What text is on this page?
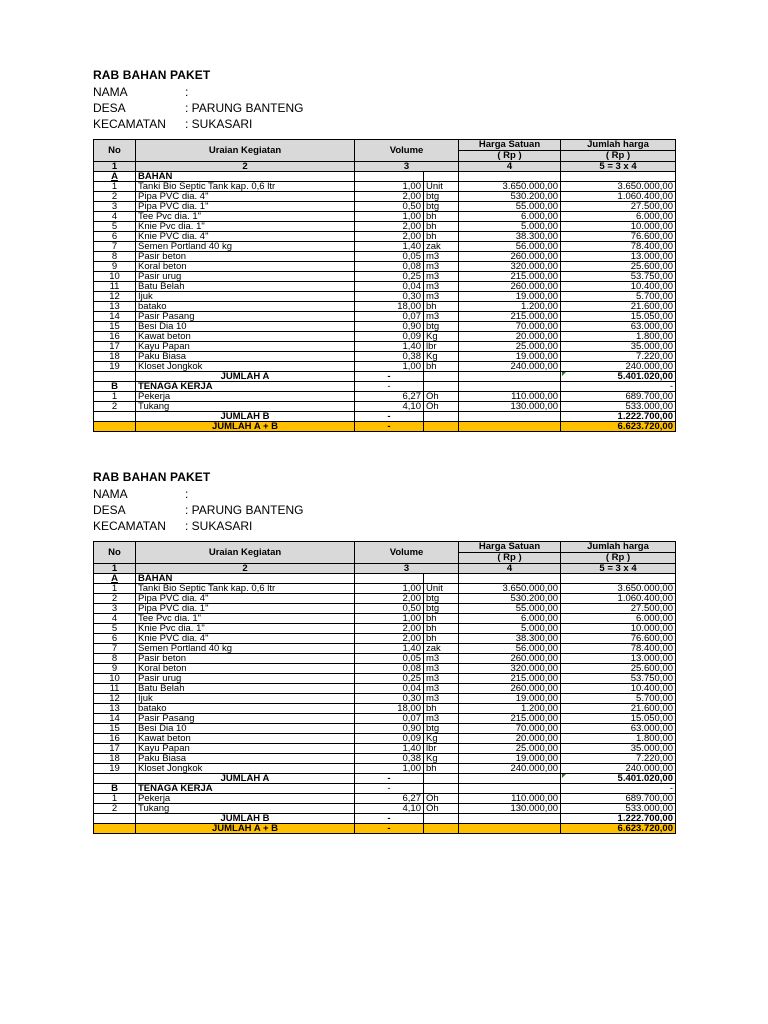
RAB BAHAN PAKET
NAMA	:
DESA	: PARUNG BANTENG
KECAMATAN	: SUKASARI
No	Uraian Kegiatan	Volume		Harga Satuan	Jumlah harga
				( Rp )	( Rp )
1	2	3		4	5 = 3 x 4
A	BAHAN				
1	Tanki Bio Septic Tank kap. 0,6 ltr	1,00	Unit	3.650.000,00	3.650.000,00
2	Pipa PVC dia. 4"	2,00	btg	530.200,00	1.060.400,00
3	Pipa PVC dia. 1"	0,50	btg	55.000,00	27.500,00
4	Tee Pvc dia. 1"	1,00	bh	6.000,00	6.000,00
5	Knie Pvc dia. 1"	2,00	bh	5.000,00	10.000,00
6	Knie PVC dia. 4"	2,00	bh	38.300,00	76.600,00
7	Semen Portland 40 kg	1,40	zak	56.000,00	78.400,00
8	Pasir beton	0,05	m3	260.000,00	13.000,00
9	Koral beton	0,08	m3	320.000,00	25.600,00
10	Pasir urug	0,25	m3	215.000,00	53.750,00
11	Batu Belah	0,04	m3	260.000,00	10.400,00
12	Ijuk	0,30	m3	19.000,00	5.700,00
13	batako	18,00	bh	1.200,00	21.600,00
14	Pasir Pasang	0,07	m3	215.000,00	15.050,00
15	Besi Dia 10	0,90	btg	70.000,00	63.000,00
16	Kawat beton	0,09	Kg	20.000,00	1.800,00
17	Kayu Papan	1,40	lbr	25.000,00	35.000,00
18	Paku Biasa	0,38	Kg	19.000,00	7.220,00
19	Kloset Jongkok	1,00	bh	240.000,00	240.000,00
	JUMLAH A	-			5.401.020,00
B	TENAGA KERJA	-			-
1	Pekerja	6,27	Oh	110.000,00	689.700,00
2	Tukang	4,10	Oh	130.000,00	533.000,00
	JUMLAH B	-			1.222.700,00
	JUMLAH A + B	-			6.623.720,00
RAB BAHAN PAKET
NAMA	:
DESA	: PARUNG BANTENG
KECAMATAN	: SUKASARI
No	Uraian Kegiatan	Volume		Harga Satuan	Jumlah harga
				( Rp )	( Rp )
1	2	3		4	5 = 3 x 4
A	BAHAN				
1	Tanki Bio Septic Tank kap. 0,6 ltr	1,00	Unit	3.650.000,00	3.650.000,00
2	Pipa PVC dia. 4"	2,00	btg	530.200,00	1.060.400,00
3	Pipa PVC dia. 1"	0,50	btg	55.000,00	27.500,00
4	Tee Pvc dia. 1"	1,00	bh	6.000,00	6.000,00
5	Knie Pvc dia. 1"	2,00	bh	5.000,00	10.000,00
6	Knie PVC dia. 4"	2,00	bh	38.300,00	76.600,00
7	Semen Portland 40 kg	1,40	zak	56.000,00	78.400,00
8	Pasir beton	0,05	m3	260.000,00	13.000,00
9	Koral beton	0,08	m3	320.000,00	25.600,00
10	Pasir urug	0,25	m3	215.000,00	53.750,00
11	Batu Belah	0,04	m3	260.000,00	10.400,00
12	Ijuk	0,30	m3	19.000,00	5.700,00
13	batako	18,00	bh	1.200,00	21.600,00
14	Pasir Pasang	0,07	m3	215.000,00	15.050,00
15	Besi Dia 10	0,90	btg	70.000,00	63.000,00
16	Kawat beton	0,09	Kg	20.000,00	1.800,00
17	Kayu Papan	1,40	lbr	25.000,00	35.000,00
18	Paku Biasa	0,38	Kg	19.000,00	7.220,00
19	Kloset Jongkok	1,00	bh	240.000,00	240.000,00
	JUMLAH A	-			5.401.020,00
B	TENAGA KERJA	-			-
1	Pekerja	6,27	Oh	110.000,00	689.700,00
2	Tukang	4,10	Oh	130.000,00	533.000,00
	JUMLAH B	-			1.222.700,00
	JUMLAH A + B	-			6.623.720,00
